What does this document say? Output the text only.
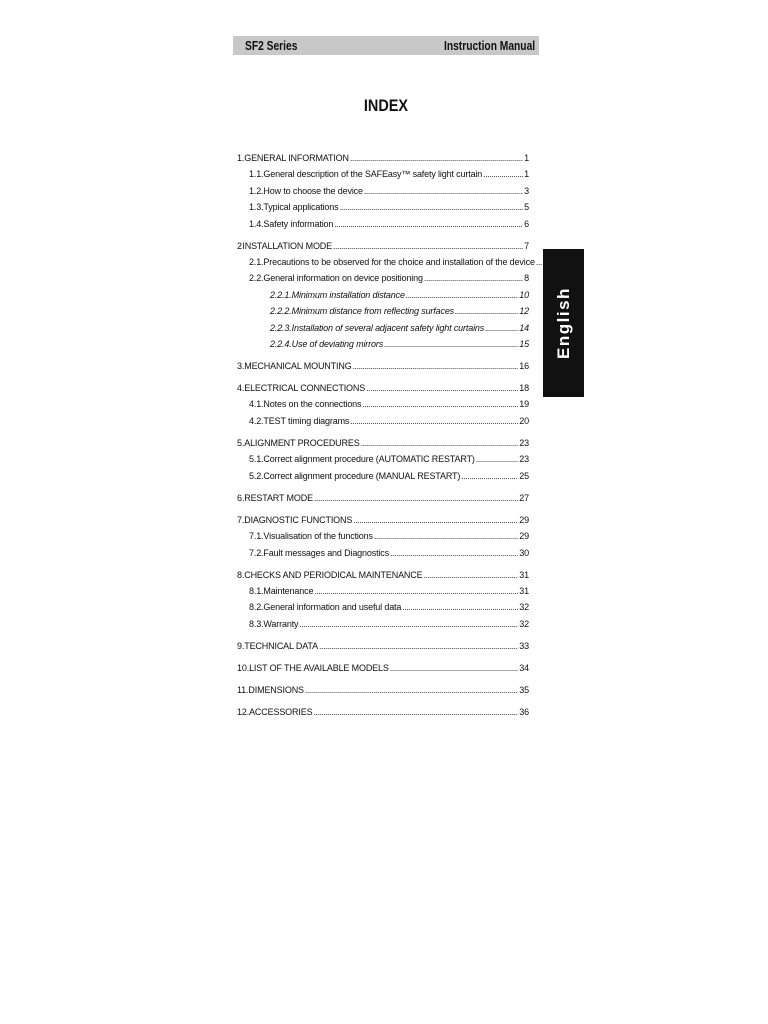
SF2 Series	Instruction Manual
INDEX
English
1. GENERAL INFORMATION .....	1
1.1. General description of the SAFEasy™ safety light curtain .....	1
1.2. How to choose the device .....	3
1.3. Typical applications .....	5
1.4. Safety information .....	6
2 INSTALLATION MODE .....	7
2.1. Precautions to be observed for the choice and installation of the device ..... 7
2.2. General information on device positioning .....	8
2.2.1. Minimum installation distance .....	10
2.2.2. Minimum distance from reflecting surfaces .....	12
2.2.3. Installation of several adjacent safety light curtains .....	14
2.2.4. Use of deviating mirrors .....	15
3. MECHANICAL MOUNTING .....	16
4. ELECTRICAL CONNECTIONS .....	18
4.1. Notes on the connections .....	19
4.2. TEST timing diagrams .....	20
5. ALIGNMENT PROCEDURES .....	23
5.1. Correct alignment procedure (AUTOMATIC RESTART) .....	23
5.2. Correct alignment procedure (MANUAL RESTART) .....	25
6. RESTART MODE .....	27
7. DIAGNOSTIC FUNCTIONS .....	29
7.1. Visualisation of the functions .....	29
7.2. Fault messages and Diagnostics .....	30
8. CHECKS AND PERIODICAL MAINTENANCE .....	31
8.1. Maintenance .....	31
8.2. General information and useful data .....	32
8.3. Warranty .....	32
9. TECHNICAL DATA .....	33
10. LIST OF THE AVAILABLE MODELS .....	34
11. DIMENSIONS .....	35
12. ACCESSORIES .....	36
